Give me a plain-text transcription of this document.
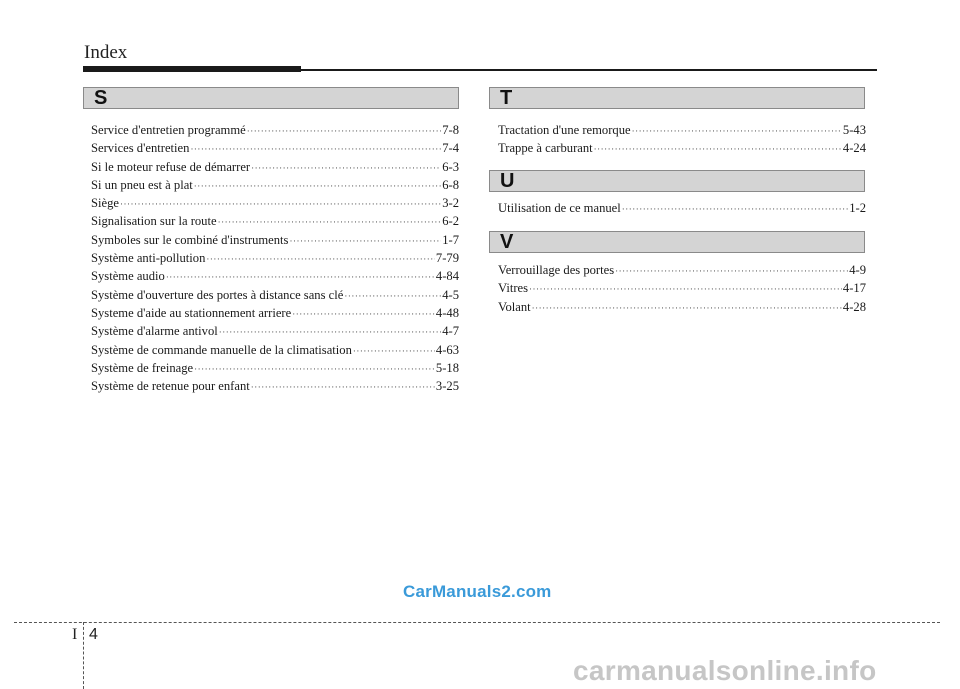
Index
S
Service d'entretien programmé ·····	7-8
Services d'entretien ·····	7-4
Si le moteur refuse de démarrer ·····	6-3
Si un pneu est à plat ·····	6-8
Siège ·····	3-2
Signalisation sur la route ·····	6-2
Symboles sur le combiné d'instruments ·····	1-7
Système anti-pollution ·····	7-79
Système audio ·····	4-84
Système d'ouverture des portes à distance sans clé ·····	4-5
Systeme d'aide au stationnement arriere ·····	4-48
Système d'alarme antivol ·····	4-7
Système de commande manuelle de la climatisation ·····	4-63
Système de freinage ·····	5-18
Système de retenue pour enfant ·····	3-25
T
Tractation d'une remorque ·····	5-43
Trappe à carburant ·····	4-24
U
Utilisation de ce manuel ·····	1-2
V
Verrouillage des portes ·····	4-9
Vitres ·····	4-17
Volant ·····	4-28
CarManuals2.com
carmanualsonline.info
I 4
